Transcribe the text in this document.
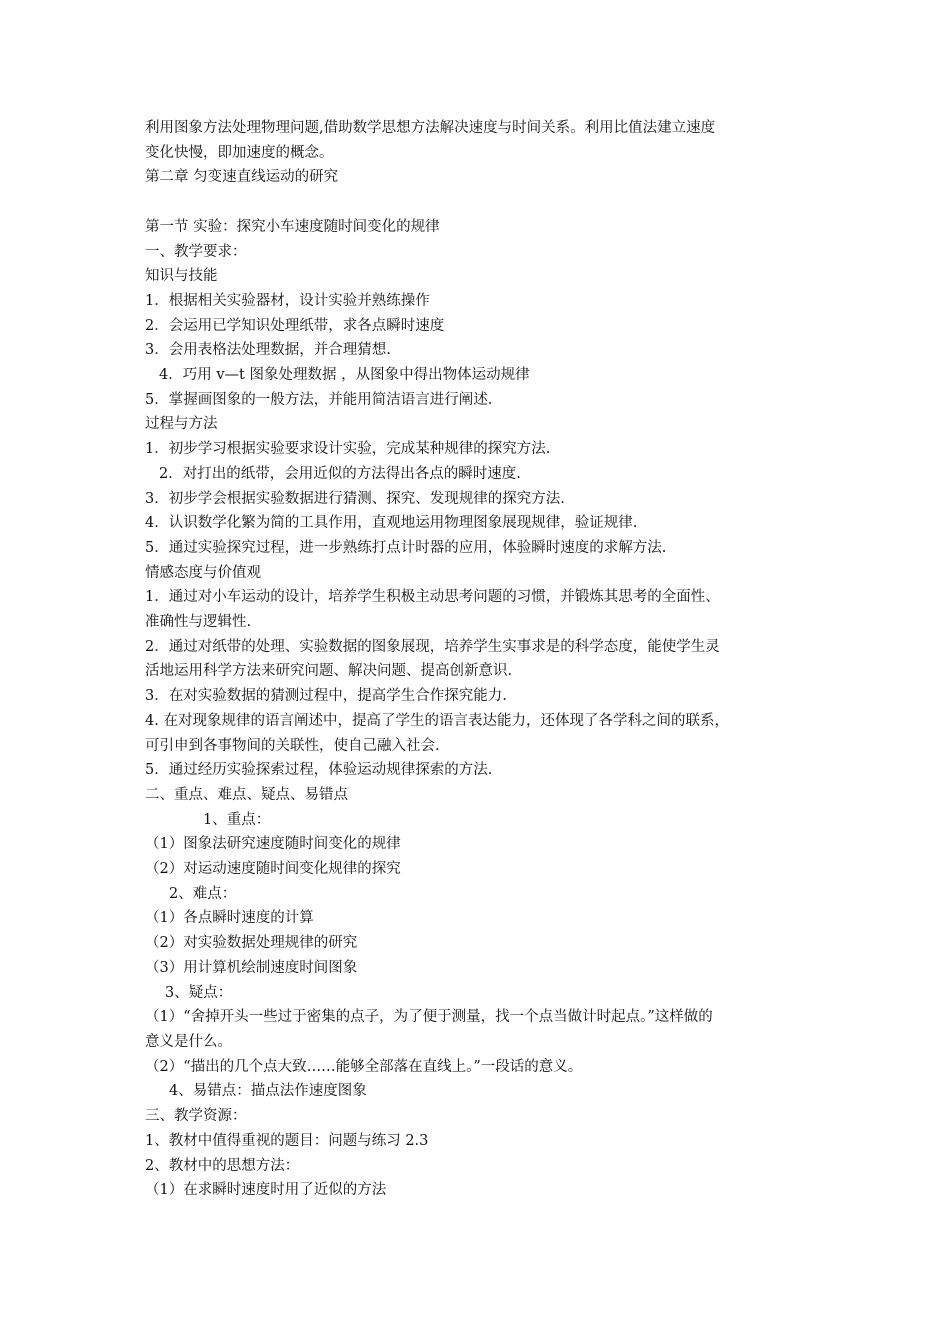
利用图象方法处理物理问题,借助数学思想方法解决速度与时间关系。利用比值法建立速度
变化快慢，即加速度的概念。
第二章 匀变速直线运动的研究
第一节 实验：探究小车速度随时间变化的规律
一、教学要求：
知识与技能
1．根据相关实验器材，设计实验并熟练操作
2．会运用已学知识处理纸带，求各点瞬时速度
3．会用表格法处理数据，并合理猜想.
4．巧用 v—t 图象处理数据 ，从图象中得出物体运动规律
5．掌握画图象的一般方法，并能用简洁语言进行阐述.
过程与方法
1．初步学习根据实验要求设计实验，完成某种规律的探究方法.
2．对打出的纸带，会用近似的方法得出各点的瞬时速度.
3．初步学会根据实验数据进行猜测、探究、发现规律的探究方法.
4．认识数学化繁为简的工具作用，直观地运用物理图象展现规律，验证规律.
5．通过实验探究过程，进一步熟练打点计时器的应用，体验瞬时速度的求解方法.
情感态度与价值观
1．通过对小车运动的设计，培养学生积极主动思考问题的习惯，并锻炼其思考的全面性、
准确性与逻辑性.
2．通过对纸带的处理、实验数据的图象展现，培养学生实事求是的科学态度，能使学生灵
活地运用科学方法来研究问题、解决问题、提高创新意识.
3．在对实验数据的猜测过程中，提高学生合作探究能力.
4. 在对现象规律的语言阐述中，提高了学生的语言表达能力，还体现了各学科之间的联系，
可引申到各事物间的关联性，使自己融入社会.
5．通过经历实验探索过程，体验运动规律探索的方法.
二、重点、难点、疑点、易错点
1、重点：
（1）图象法研究速度随时间变化的规律
（2）对运动速度随时间变化规律的探究
2、难点：
（1）各点瞬时速度的计算
（2）对实验数据处理规律的研究
（3）用计算机绘制速度时间图象
3、疑点：
（1）“舍掉开头一些过于密集的点子，为了便于测量，找一个点当做计时起点。”这样做的
意义是什么。
（2）“描出的几个点大致……能够全部落在直线上。”一段话的意义。
4、易错点：描点法作速度图象
三、教学资源：
1、教材中值得重视的题目：问题与练习 2.3
2、教材中的思想方法：
（1）在求瞬时速度时用了近似的方法
